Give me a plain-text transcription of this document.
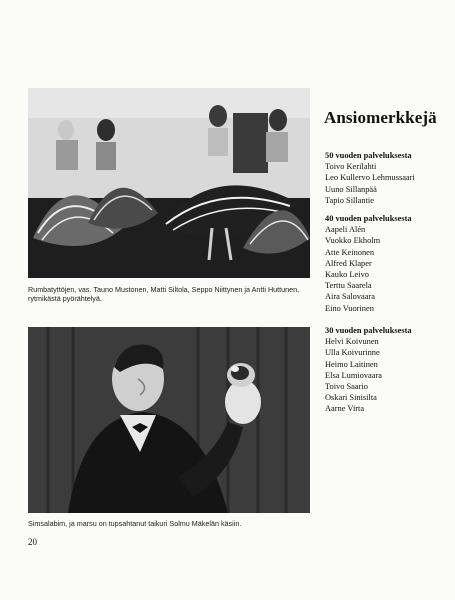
Rumbatyttöjen, vas. Tauno Mustonen, Matti Siltola, Seppo Niittynen ja Antti Huttunen, rytmikästä pyörähtelyä.
Simsalabim, ja marsu on tupsahtanut taikuri Solmu Mäkelän käsiin.
20
Ansiomerkkejä
50 vuoden palveluksesta
Toivo Kerilahti
Leo Kullervo Lehmussaari
Uuno Sillanpää
Tapio Sillantie
40 vuoden palveluksesta
Aapeli Alén
Vuokko Ekholm
Atte Keinonen
Alfred Klaper
Kauko Leivo
Terttu Saarela
Aira Salovaara
Eino Vuorinen
30 vuoden palveluksesta
Helvi Koivunen
Ulla Koivurinne
Heimo Laitinen
Elsa Lumiovaara
Toivo Saario
Oskari Sinisilta
Aarne Virta
